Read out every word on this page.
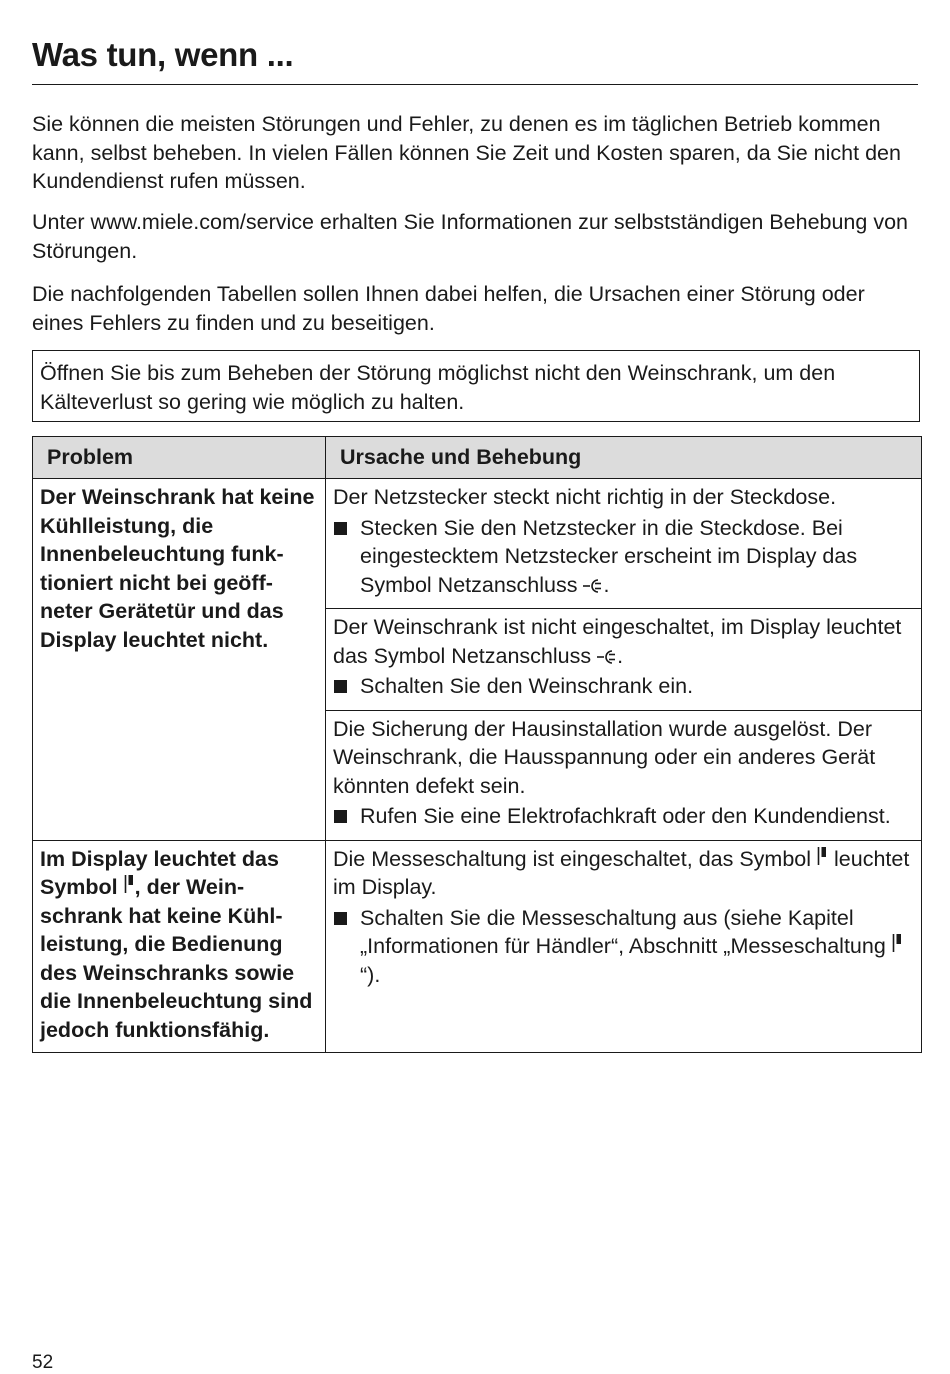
Was tun, wenn ...

Sie können die meisten Störungen und Fehler, zu denen es im täglichen Betrieb kommen kann, selbst beheben. In vielen Fällen können Sie Zeit und Kosten sparen, da Sie nicht den Kundendienst rufen müssen.

Unter www.miele.com/service erhalten Sie Informationen zur selbstständigen Behebung von Störungen.

Die nachfolgenden Tabellen sollen Ihnen dabei helfen, die Ursachen einer Störung oder eines Fehlers zu finden und zu beseitigen.

Öffnen Sie bis zum Beheben der Störung möglichst nicht den Weinschrank, um den Kälteverlust so gering wie möglich zu halten.
Problem	Ursache und Behebung
Der Weinschrank hat keine Kühlleistung, die Innenbeleuchtung funktioniert nicht bei geöffneter Gerätetür und das Display leuchtet nicht.	Der Netzstecker steckt nicht richtig in der Steckdose.
Stecken Sie den Netzstecker in die Steckdose. Bei eingestecktem Netzstecker erscheint im Display das Symbol Netzanschluss .

	Der Weinschrank ist nicht eingeschaltet, im Display leuchtet das Symbol Netzanschluss .
Schalten Sie den Weinschrank ein.

	Die Sicherung der Hausinstallation wurde ausgelöst. Der Weinschrank, die Hausspannung oder ein anderes Gerät könnten defekt sein.
Rufen Sie eine Elektrofachkraft oder den Kundendienst.

Im Display leuchtet das Symbol , der Weinschrank hat keine Kühlleistung, die Bedienung des Weinschranks sowie die Innenbeleuchtung sind jedoch funktionsfähig.	Die Messeschaltung ist eingeschaltet, das Symbol leuchtet im Display.
Schalten Sie die Messeschaltung aus (siehe Kapitel „Informationen für Händler“, Abschnitt „Messeschaltung “).
52
